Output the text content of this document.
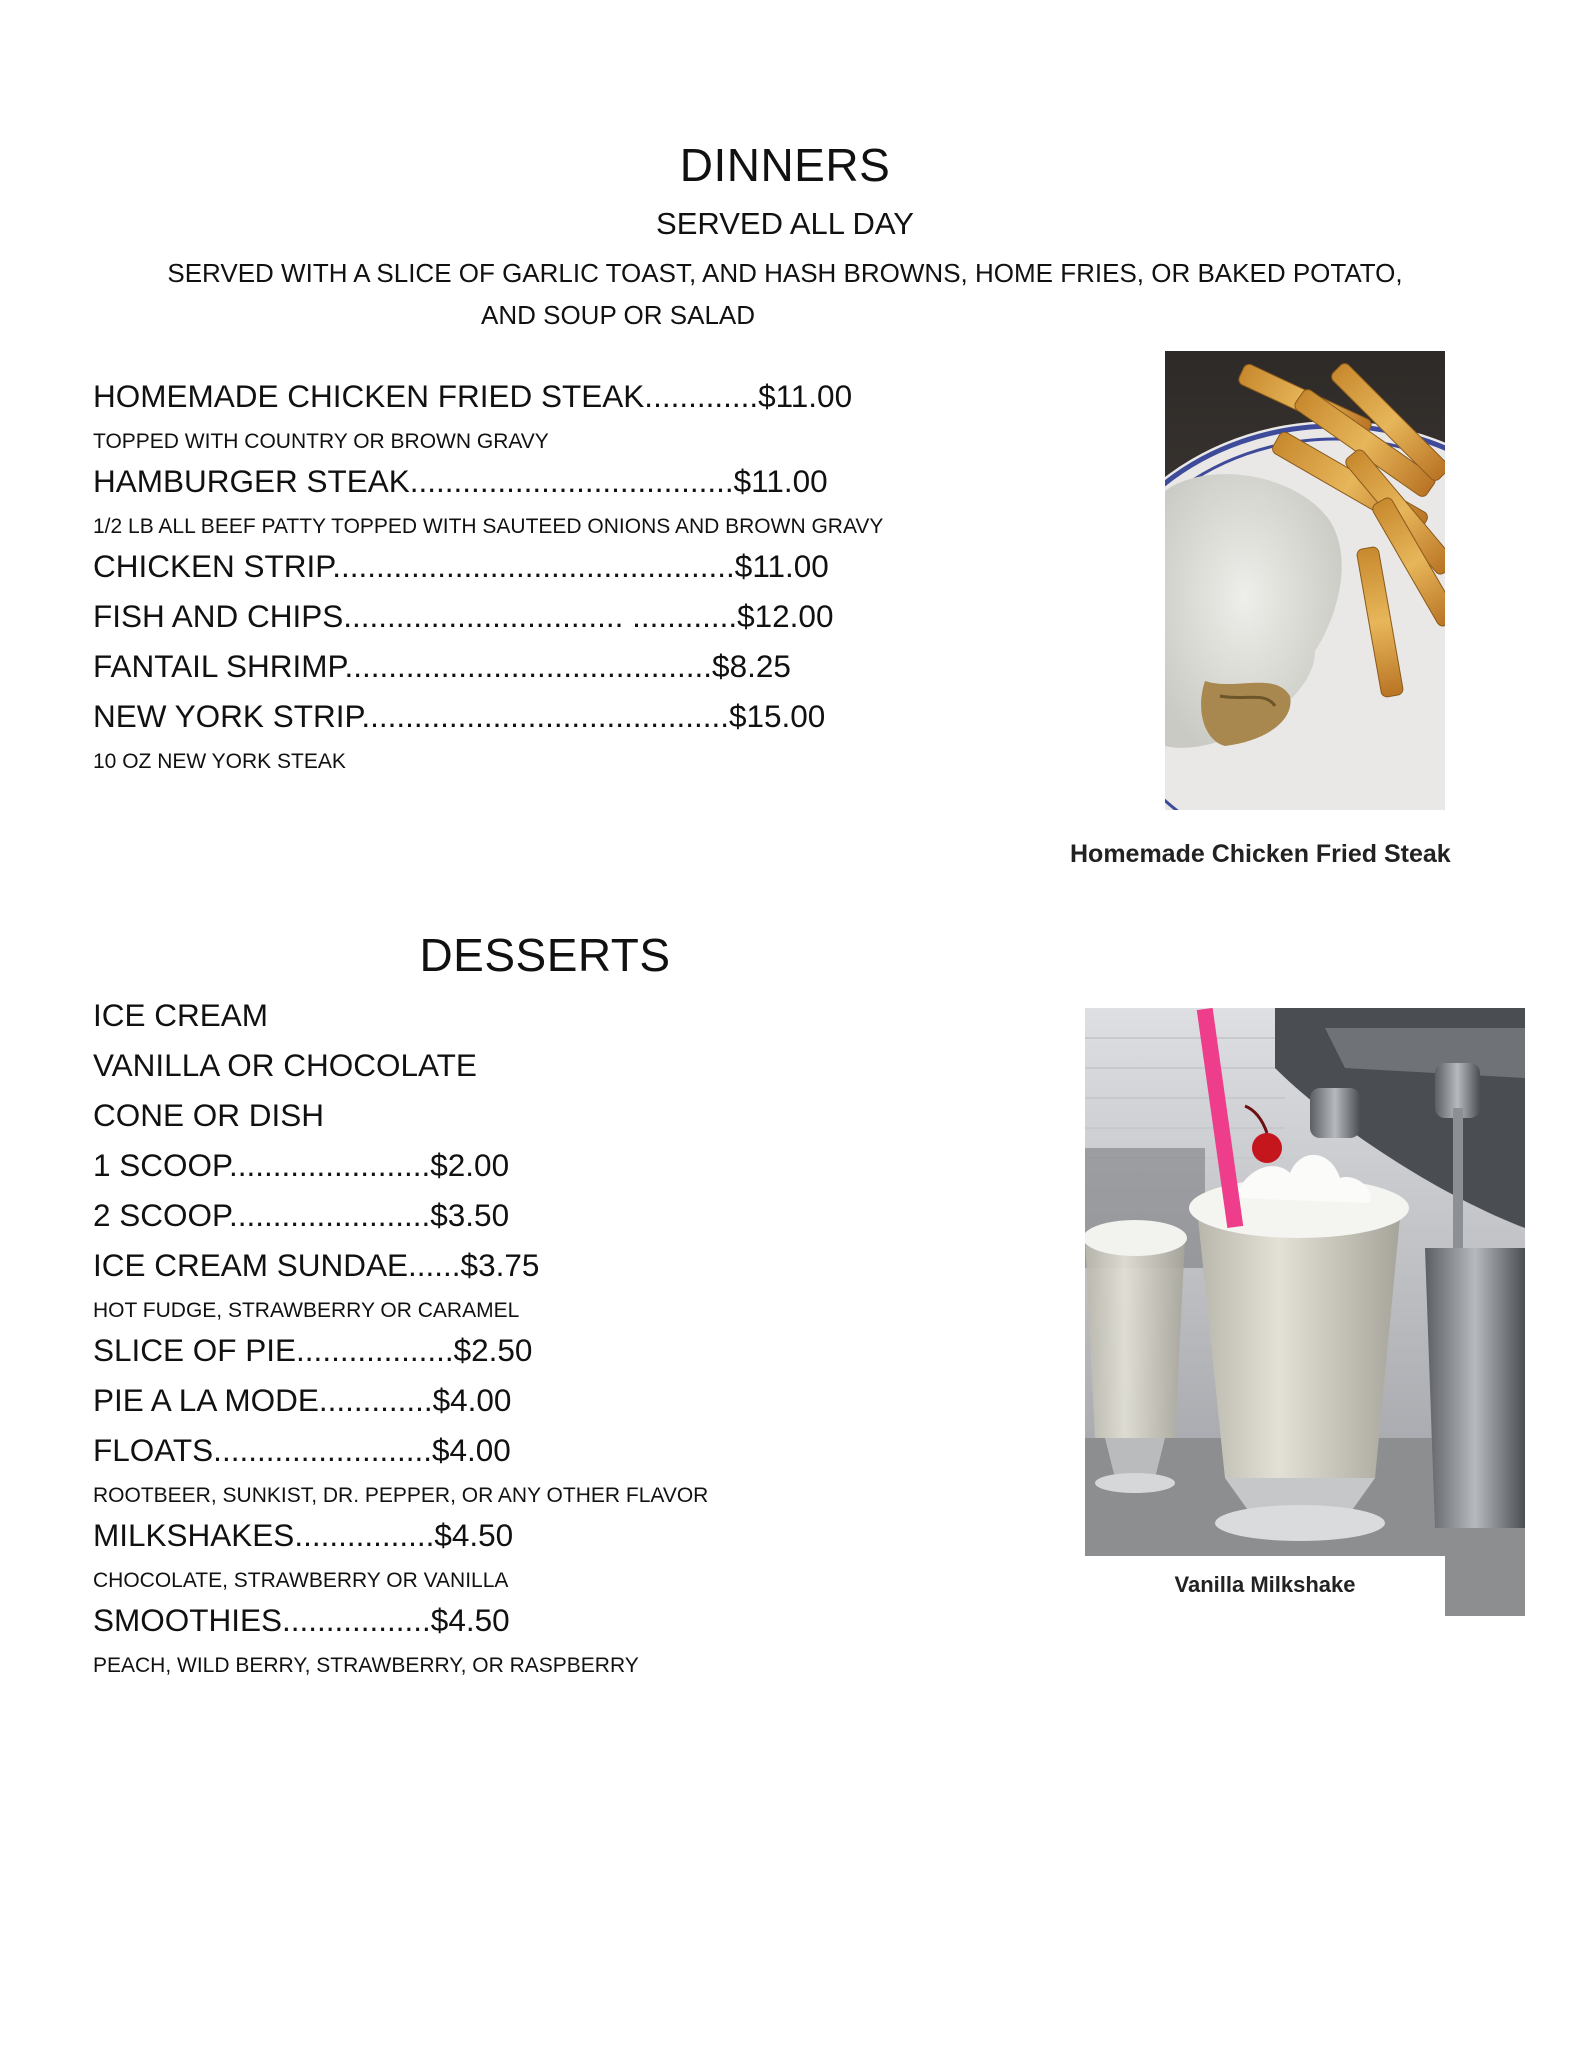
DINNERS
SERVED ALL DAY
SERVED WITH A SLICE OF GARLIC TOAST, AND HASH BROWNS, HOME FRIES, OR BAKED POTATO,
AND SOUP OR SALAD
HOMEMADE CHICKEN FRIED STEAK.............$11.00
TOPPED WITH COUNTRY OR BROWN GRAVY
HAMBURGER STEAK.....................................$11.00
1/2 LB ALL BEEF PATTY TOPPED WITH SAUTEED ONIONS AND BROWN GRAVY
CHICKEN STRIP..............................................$11.00
FISH AND CHIPS................................ ............$12.00
FANTAIL SHRIMP..........................................$8.25
NEW YORK STRIP..........................................$15.00
10 OZ NEW YORK STEAK
Homemade Chicken Fried Steak
DESSERTS
ICE CREAM
VANILLA OR CHOCOLATE
CONE OR DISH
1 SCOOP.......................$2.00
2 SCOOP.......................$3.50
ICE CREAM SUNDAE......$3.75
HOT FUDGE, STRAWBERRY OR CARAMEL
SLICE OF PIE..................$2.50
PIE A LA MODE.............$4.00
FLOATS.........................$4.00
ROOTBEER, SUNKIST, DR. PEPPER, OR ANY OTHER FLAVOR
MILKSHAKES................$4.50
CHOCOLATE, STRAWBERRY OR VANILLA
SMOOTHIES.................$4.50
PEACH, WILD BERRY, STRAWBERRY, OR RASPBERRY
Vanilla Milkshake
